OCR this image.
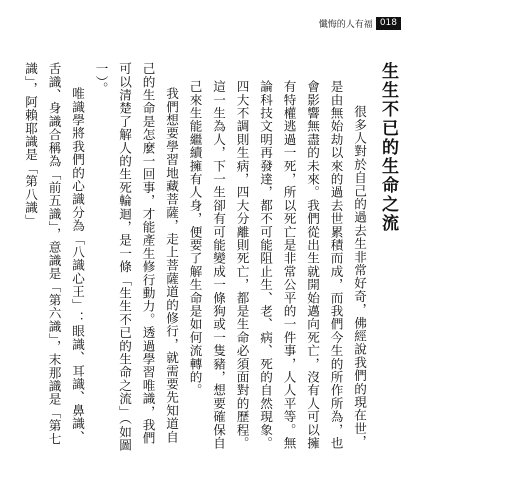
懺悔的人有福 018
生生不已的生命之流

很多人對於自己的過去生非常好奇，佛經說我們的現在世，是由無始劫以來的過去世累積而成，而我們今生的所作所為，也會影響無盡的未來。我們從出生就開始邁向死亡，沒有人可以擁有特權逃過一死，所以死亡是非常公平的一件事，人人平等。無論科技文明再發達，都不可能阻止生、老、病、死的自然現象。四大不調則生病，四大分離則死亡，都是生命必須面對的歷程。這一生為人，下一生卻有可能變成一條狗或一隻豬，想要確保自己來生能繼續擁有人身，便要了解生命是如何流轉的。

我們想要學習地藏菩薩，走上菩薩道的修行，就需要先知道自己的生命是怎麼一回事，才能產生修行動力。透過學習唯識，我們可以清楚了解人的生死輪迴，是一條「生生不已的生命之流」（如圖一）。

唯識學將我們的心識分為「八識心王」：眼識、耳識、鼻識、舌識、身識合稱為「前五識」，意識是「第六識」，末那識是「第七識」，阿賴耶識是「第八識」
